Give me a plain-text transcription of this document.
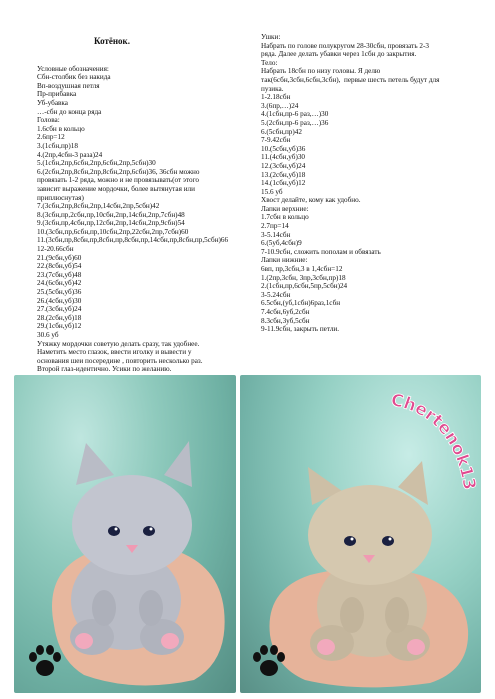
Котёнок.

Условные обозначения:
Сбн-столбик без накида
Вп-воздушная петля
Пр-прибавка
Уб-убавка
…-сбн до конца ряда
Голова:
1.6сбн в кольцо
2.6пр=12
3.(1сбн,пр)18
4.(2пр,4сбн-3 раза)24
5.(1сбн,2пр,6сбн,2пр,6сбн,2пр,5сбн)30
6.(2сбн,2пр,8сбн,2пр,8сбн,2пр,6сбн)36, 36сбн можно
провязать 1-2 ряда, можно и не провязывать(от этого
зависит выражение мордочки, более вытянутая или
приплюснутая)
7.(3сбн,2пр,8сбн,2пр,14сбн,2пр,5сбн)42
8.(3сбн,пр,2сбн,пр,10сбн,2пр,14сбн,2пр,7сбн)48
9.(3сбн,пр,4сбн,пр,12сбн,2пр,14сбн,2пр,9сбн)54
10.(3сбн,пр,6сбн,пр,10сбн,2пр,22сбн,2пр,7сбн)60
11.(3сбн,пр,8сбн,пр,8сбн,пр,8сбн,пр,14сбн,пр,8сбн,пр,5сбн)66
12-20.66сбн
21.(9сбн,уб)60
22.(8сбн,уб)54
23.(7сбн,уб)48
24.(6сбн,уб)42
25.(5сбн,уб)36
26.(4сбн,уб)30
27.(3сбн,уб)24
28.(2сбн,уб)18
29.(1сбн,уб)12
30.6 уб
Утяжку мордочки советую делать сразу, так удобнее.
Наметить место глазок, ввести иголку и вывести у
основания шеи посередине , повторить несколько раз.
Второй глаз-идентично. Усики по желанию.
Ушки:
Набрать по голове полукругом 28-30сбн, провязать 2-3
ряда. Далее делать убавки через 1сбн до закрытия.
Тело:
Набрать 18сбн по низу головы. Я делю
так(6сбн,3сбн,6сбн,3сбн),  первые шесть петель будут для
пузика.
1-2.18сбн
3.(6пр,…)24
4.(1сбн,пр-6 раз,…)30
5.(2сбн,пр-6 раз,…)36
6.(5сбн,пр)42
7-9.42сбн
10.(5сбн,уб)36
11.(4сбн,уб)30
12.(3сбн,уб)24
13.(2сбн,уб)18
14.(1сбн,уб)12
15.6 уб
Хвост делайте, кому как удобно.
Лапки верхние:
1.7сбн в кольцо
2.7пр=14
3-5.14сбн
6.(5уб,4сбн)9
7-10.9сбн, сложить пополам и обвязать
Лапки нижние:
6вп, пр,3сбн,3 в 1,4сбн=12
1.(2пр,3сбн, 3пр,3сбн,пр)18
2.(1сбн,пр,6сбн,5пр,5сбн)24
3-5.24сбн
6.5сбн,(уб,1сбн)6раз,1сбн
7.4сбн,6уб,2сбн
8.3сбн,3уб,5сбн
9-11.9сбн, закрыть петли.
Chertenok13
